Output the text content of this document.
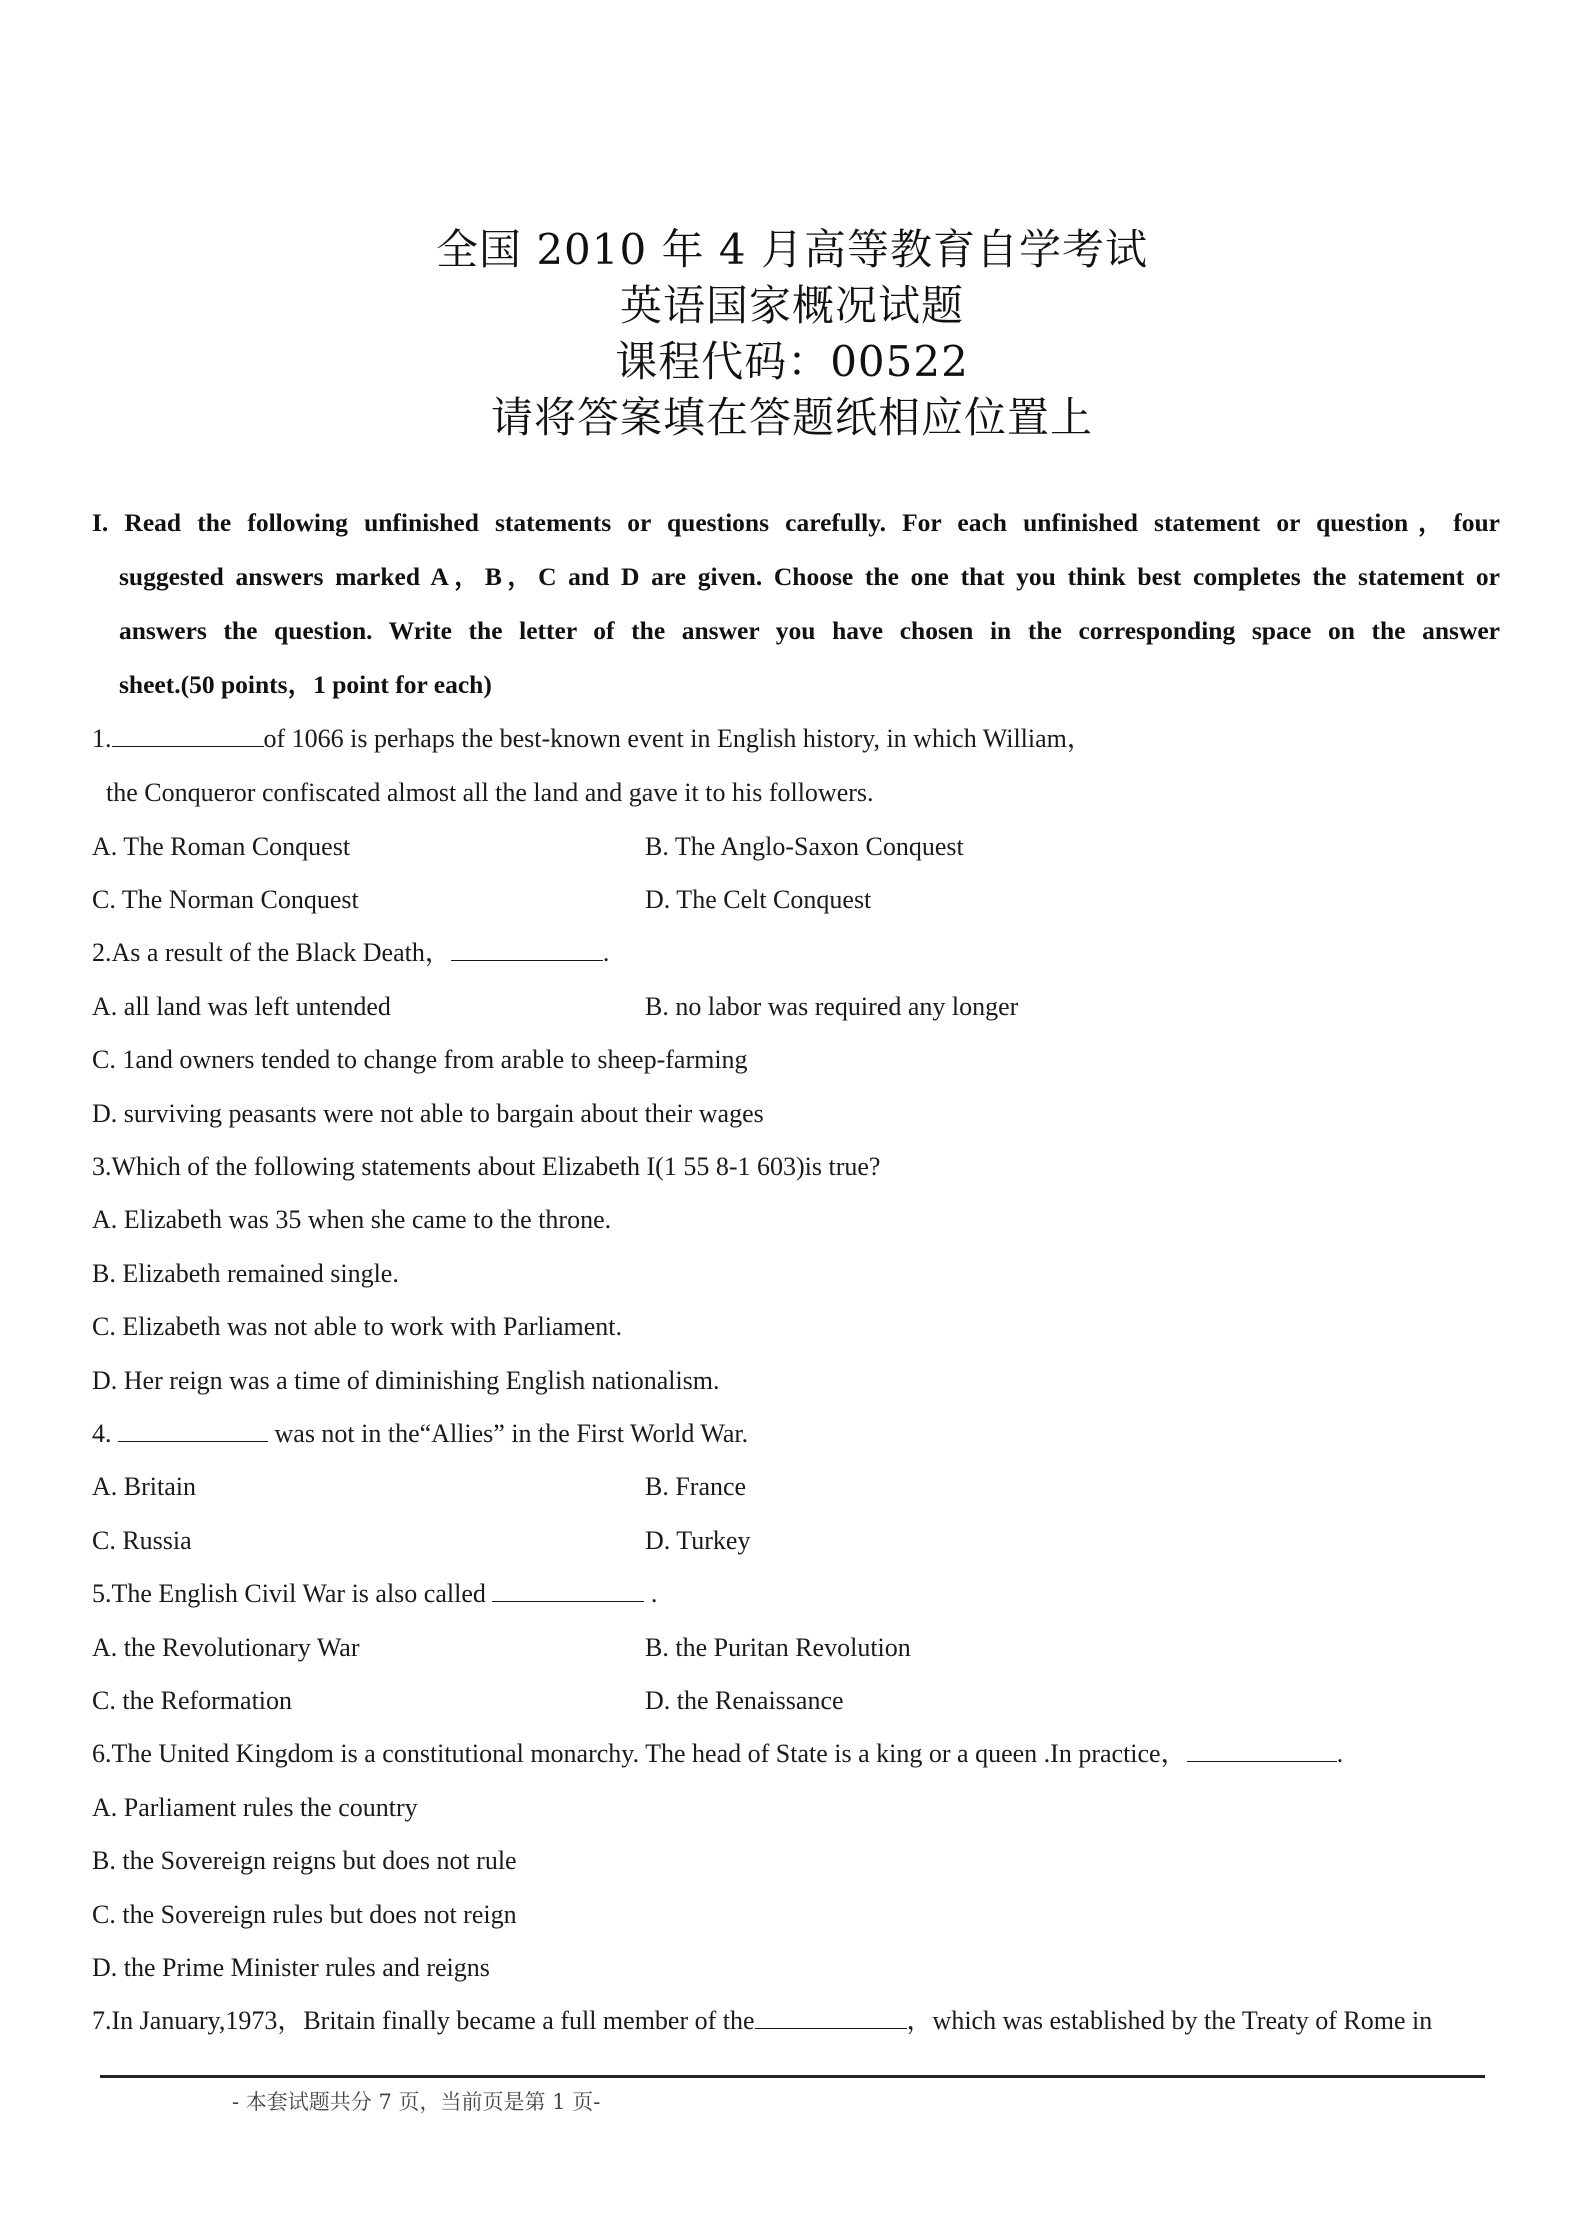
全国 2010 年 4 月高等教育自学考试
英语国家概况试题
课程代码：00522
请将答案填在答题纸相应位置上
I. Read the following unfinished statements or questions carefully. For each unfinished statement or question，four
suggested answers marked A，B，C and D are given. Choose the one that you think best completes the statement or
answers the question. Write the letter of the answer you have chosen in the corresponding space on the answer
sheet.(50 points，1 point for each)
1.	of 1066 is perhaps the best-known event in English history, in which William，
the Conqueror confiscated almost all the land and gave it to his followers.
A. The Roman Conquest	B. The Anglo-Saxon Conquest
C. The Norman Conquest	D. The Celt Conquest
2.As a result of the Black Death，	.
A. all land was left untended	B. no labor was required any longer
C. 1and owners tended to change from arable to sheep-farming
D. surviving peasants were not able to bargain about their wages
3.Which of the following statements about Elizabeth I(1 55 8-1 603)is true?
A. Elizabeth was 35 when she came to the throne.
B. Elizabeth remained single.
C. Elizabeth was not able to work with Parliament.
D. Her reign was a time of diminishing English nationalism.
4.	was not in the“Allies” in the First World War.
A. Britain	B. France
C. Russia	D. Turkey
5.The English Civil War is also called	.
A. the Revolutionary War	B. the Puritan Revolution
C. the Reformation	D. the Renaissance
6.The United Kingdom is a constitutional monarchy. The head of State is a king or a queen .In practice，	.
A. Parliament rules the country
B. the Sovereign reigns but does not rule
C. the Sovereign rules but does not reign
D. the Prime Minister rules and reigns
7.In January,1973，Britain finally became a full member of the	，which was established by the Treaty of Rome in
- 本套试题共分 7 页，当前页是第 1 页-
